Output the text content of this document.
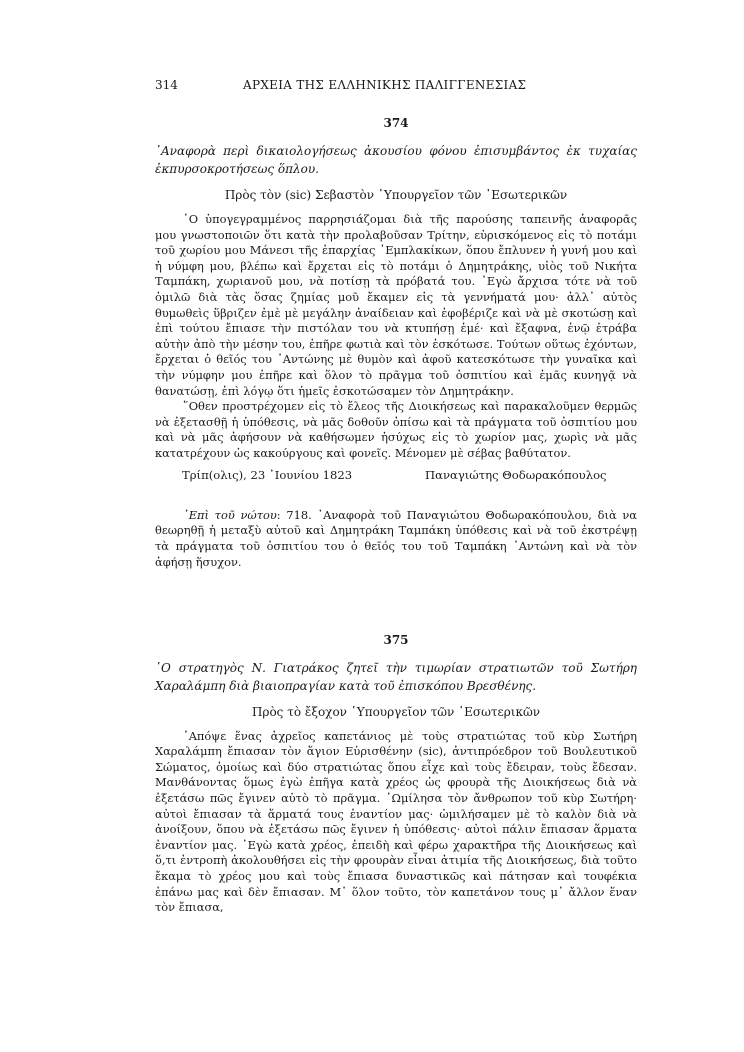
314	ΑΡΧΕΙΑ ΤΗΣ ΕΛΛΗΝΙΚΗΣ ΠΑΛΙΓΓΕΝΕΣΙΑΣ
374

᾿Αναφορὰ περὶ δικαιολογήσεως ἀκουσίου φόνου ἐπισυμβάντος ἐκ τυχαίας ἐκπυρσοκροτήσεως ὅπλου.

Πρὸς τὸν (sic) Σεβαστὸν ῾Υπουργεῖον τῶν ᾿Εσωτερικῶν

῾Ο ὑπογεγραμμένος παρρησιάζομαι διὰ τῆς παρούσης ταπεινῆς ἀναφορᾶς μου γνωστοποιῶν ὅτι κατὰ τὴν προλαβοῦσαν Τρίτην, εὑρισκόμενος εἰς τὸ ποτάμι τοῦ χωρίου μου Μάνεσι τῆς ἐπαρχίας ᾿Εμπλακίκων, ὅπου ἔπλυνεν ἡ γυνή μου καὶ ἡ νύμφη μου, βλέπω καὶ ἔρχεται εἰς τὸ ποτάμι ὁ Δημητράκης, υἱὸς τοῦ Νικήτα Ταμπάκη, χωριανοῦ μου, νὰ ποτίσῃ τὰ πρόβατά του. ᾿Εγὼ ἄρχισα τότε νὰ τοῦ ὁμιλῶ διὰ τὰς ὅσας ζημίας μοῦ ἔκαμεν εἰς τὰ γεννήματά μου· ἀλλ᾿ αὐτὸς θυμωθεὶς ὕβριζεν ἐμὲ μὲ μεγάλην ἀναίδειαν καὶ ἐφοβέριζε καὶ νὰ μὲ σκοτώσῃ καὶ ἐπὶ τούτου ἔπιασε τὴν πιστόλαν του νὰ κτυπήσῃ ἐμέ· καὶ ἔξαφνα, ἐνῷ ἐτράβα αὐτὴν ἀπὸ τὴν μέσην του, ἐπῆρε φωτιὰ καὶ τὸν ἐσκότωσε. Τούτων οὕτως ἐχόντων, ἔρχεται ὁ θεῖός του ᾿Αντώνης μὲ θυμὸν καὶ ἀφοῦ κατεσκότωσε τὴν γυναῖκα καὶ τὴν νύμφην μου ἐπῆρε καὶ ὅλον τὸ πρᾶγμα τοῦ ὀσπιτίου καὶ ἐμᾶς κυνηγᾷ νὰ θανατώσῃ, ἐπὶ λόγῳ ὅτι ἡμεῖς ἐσκοτώσαμεν τὸν Δημητράκην.

῞Οθεν προστρέχομεν εἰς τὸ ἔλεος τῆς Διοικήσεως καὶ παρακαλοῦμεν θερμῶς νὰ ἐξετασθῇ ἡ ὑπόθεσις, νὰ μᾶς δοθοῦν ὀπίσω καὶ τὰ πράγματα τοῦ ὀσπιτίου μου καὶ νὰ μᾶς ἀφήσουν νὰ καθήσωμεν ἡσύχως εἰς τὸ χωρίον μας, χωρὶς νὰ μᾶς κατατρέχουν ὡς κακούργους καὶ φονεῖς. Μένομεν μὲ σέβας βαθύτατον.

Τρίπ(ολις), 23 ᾿Ιουνίου 1823	Παναγιώτης Θοδωρακόπουλος

᾿Επὶ τοῦ νώτου: 718. ᾿Αναφορὰ τοῦ Παναγιώτου Θοδωρακόπουλου, διὰ να θεωρηθῇ ἡ μεταξὺ αὐτοῦ καὶ Δημητράκη Ταμπάκη ὑπόθεσις καὶ νὰ τοῦ ἐκστρέψῃ τὰ πράγματα τοῦ ὀσπιτίου του ὁ θεῖός του τοῦ Ταμπάκη ᾿Αντώνη καὶ νὰ τὸν ἀφήσῃ ἥσυχον.

375

῾Ο στρατηγὸς Ν. Γιατράκος ζητεῖ τὴν τιμωρίαν στρατιωτῶν τοῦ Σωτήρη Χαραλάμπη διὰ βιαιοπραγίαν κατὰ τοῦ ἐπισκόπου Βρεσθένης.

Πρὸς τὸ ἔξοχον ῾Υπουργεῖον τῶν ᾿Εσωτερικῶν

᾿Απόψε ἕνας ἀχρεῖος καπετάνιος μὲ τοὺς στρατιώτας τοῦ κὺρ Σωτήρη Χαραλάμπη ἔπιασαν τὸν ἅγιον Εὐρισθένην (sic), ἀντιπρόεδρον τοῦ Βουλευτικοῦ Σώματος, ὁμοίως καὶ δύο στρατιώτας ὅπου εἶχε καὶ τοὺς ἔδειραν, τοὺς ἔδεσαν. Μανθάνοντας ὅμως ἐγὼ ἐπῆγα κατὰ χρέος ὡς φρουρὰ τῆς Διοικήσεως διὰ νὰ ἐξετάσω πῶς ἔγινεν αὐτὸ τὸ πρᾶγμα. ῾Ωμίλησα τὸν ἄνθρωπον τοῦ κὺρ Σωτήρη· αὐτοὶ ἔπιασαν τὰ ἅρματά τους ἐναντίον μας· ὡμιλήσαμεν μὲ τὸ καλὸν διὰ νὰ ἀνοίξουν, ὅπου νὰ ἐξετάσω πῶς ἔγινεν ἡ ὑπόθεσις· αὐτοὶ πάλιν ἔπιασαν ἅρματα ἐναντίον μας. ᾿Εγὼ κατὰ χρέος, ἐπειδὴ καὶ φέρω χαρακτῆρα τῆς Διοικήσεως καὶ ὅ,τι ἐντροπὴ ἀκολουθήσει εἰς τὴν φρουρὰν εἶναι ἀτιμία τῆς Διοικήσεως, διὰ τοῦτο ἔκαμα τὸ χρέος μου καὶ τοὺς ἔπιασα δυναστικῶς καὶ πάτησαν καὶ τουφέκια ἐπάνω μας καὶ δὲν ἔπιασαν. Μ᾿ ὅλον τοῦτο, τὸν καπετάνον τους μ᾿ ἄλλον ἕναν τὸν ἔπιασα,
